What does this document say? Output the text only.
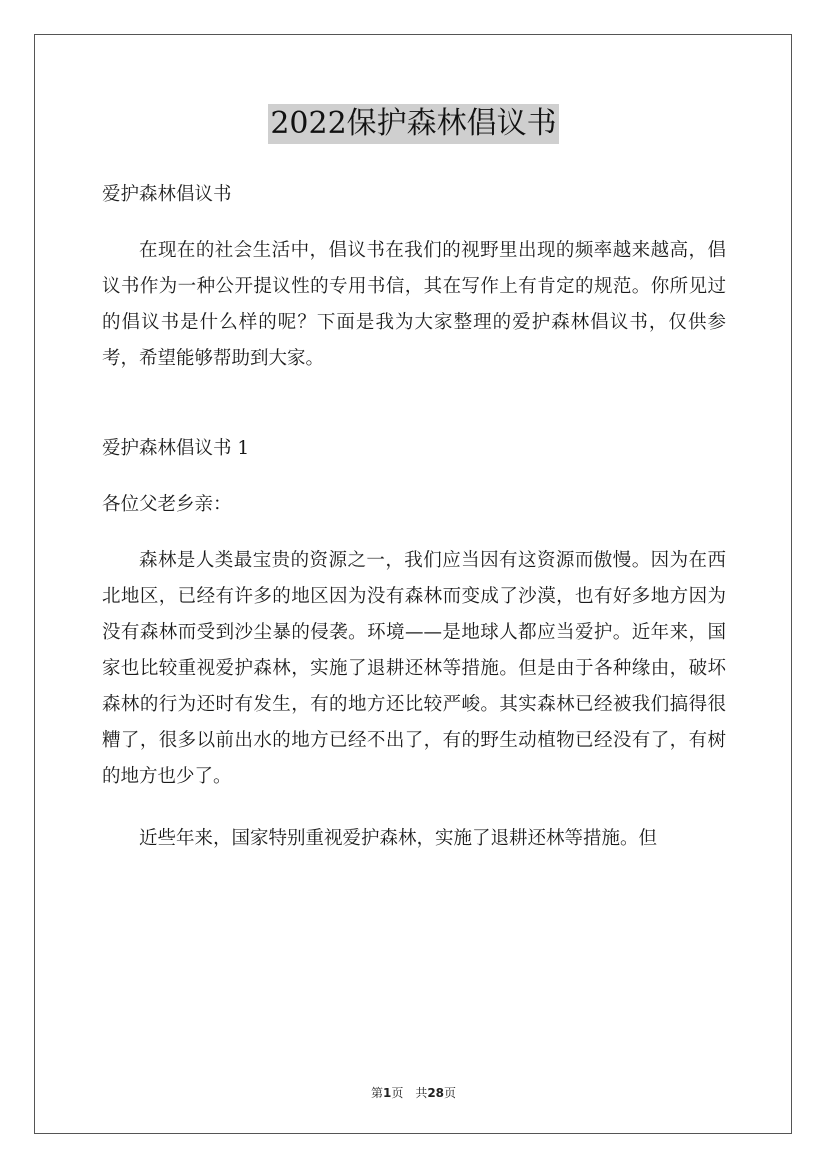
2022保护森林倡议书

爱护森林倡议书

在现在的社会生活中，倡议书在我们的视野里出现的频率越来越高，倡议书作为一种公开提议性的专用书信，其在写作上有肯定的规范。你所见过的倡议书是什么样的呢？下面是我为大家整理的爱护森林倡议书，仅供参考，希望能够帮助到大家。

爱护森林倡议书 1

各位父老乡亲：

森林是人类最宝贵的资源之一，我们应当因有这资源而傲慢。因为在西北地区，已经有许多的地区因为没有森林而变成了沙漠，也有好多地方因为没有森林而受到沙尘暴的侵袭。环境——是地球人都应当爱护。近年来，国家也比较重视爱护森林，实施了退耕还林等措施。但是由于各种缘由，破坏森林的行为还时有发生，有的地方还比较严峻。其实森林已经被我们搞得很糟了，很多以前出水的地方已经不出了，有的野生动植物已经没有了，有树的地方也少了。

近些年来，国家特别重视爱护森林，实施了退耕还林等措施。但

第1页　共28页
